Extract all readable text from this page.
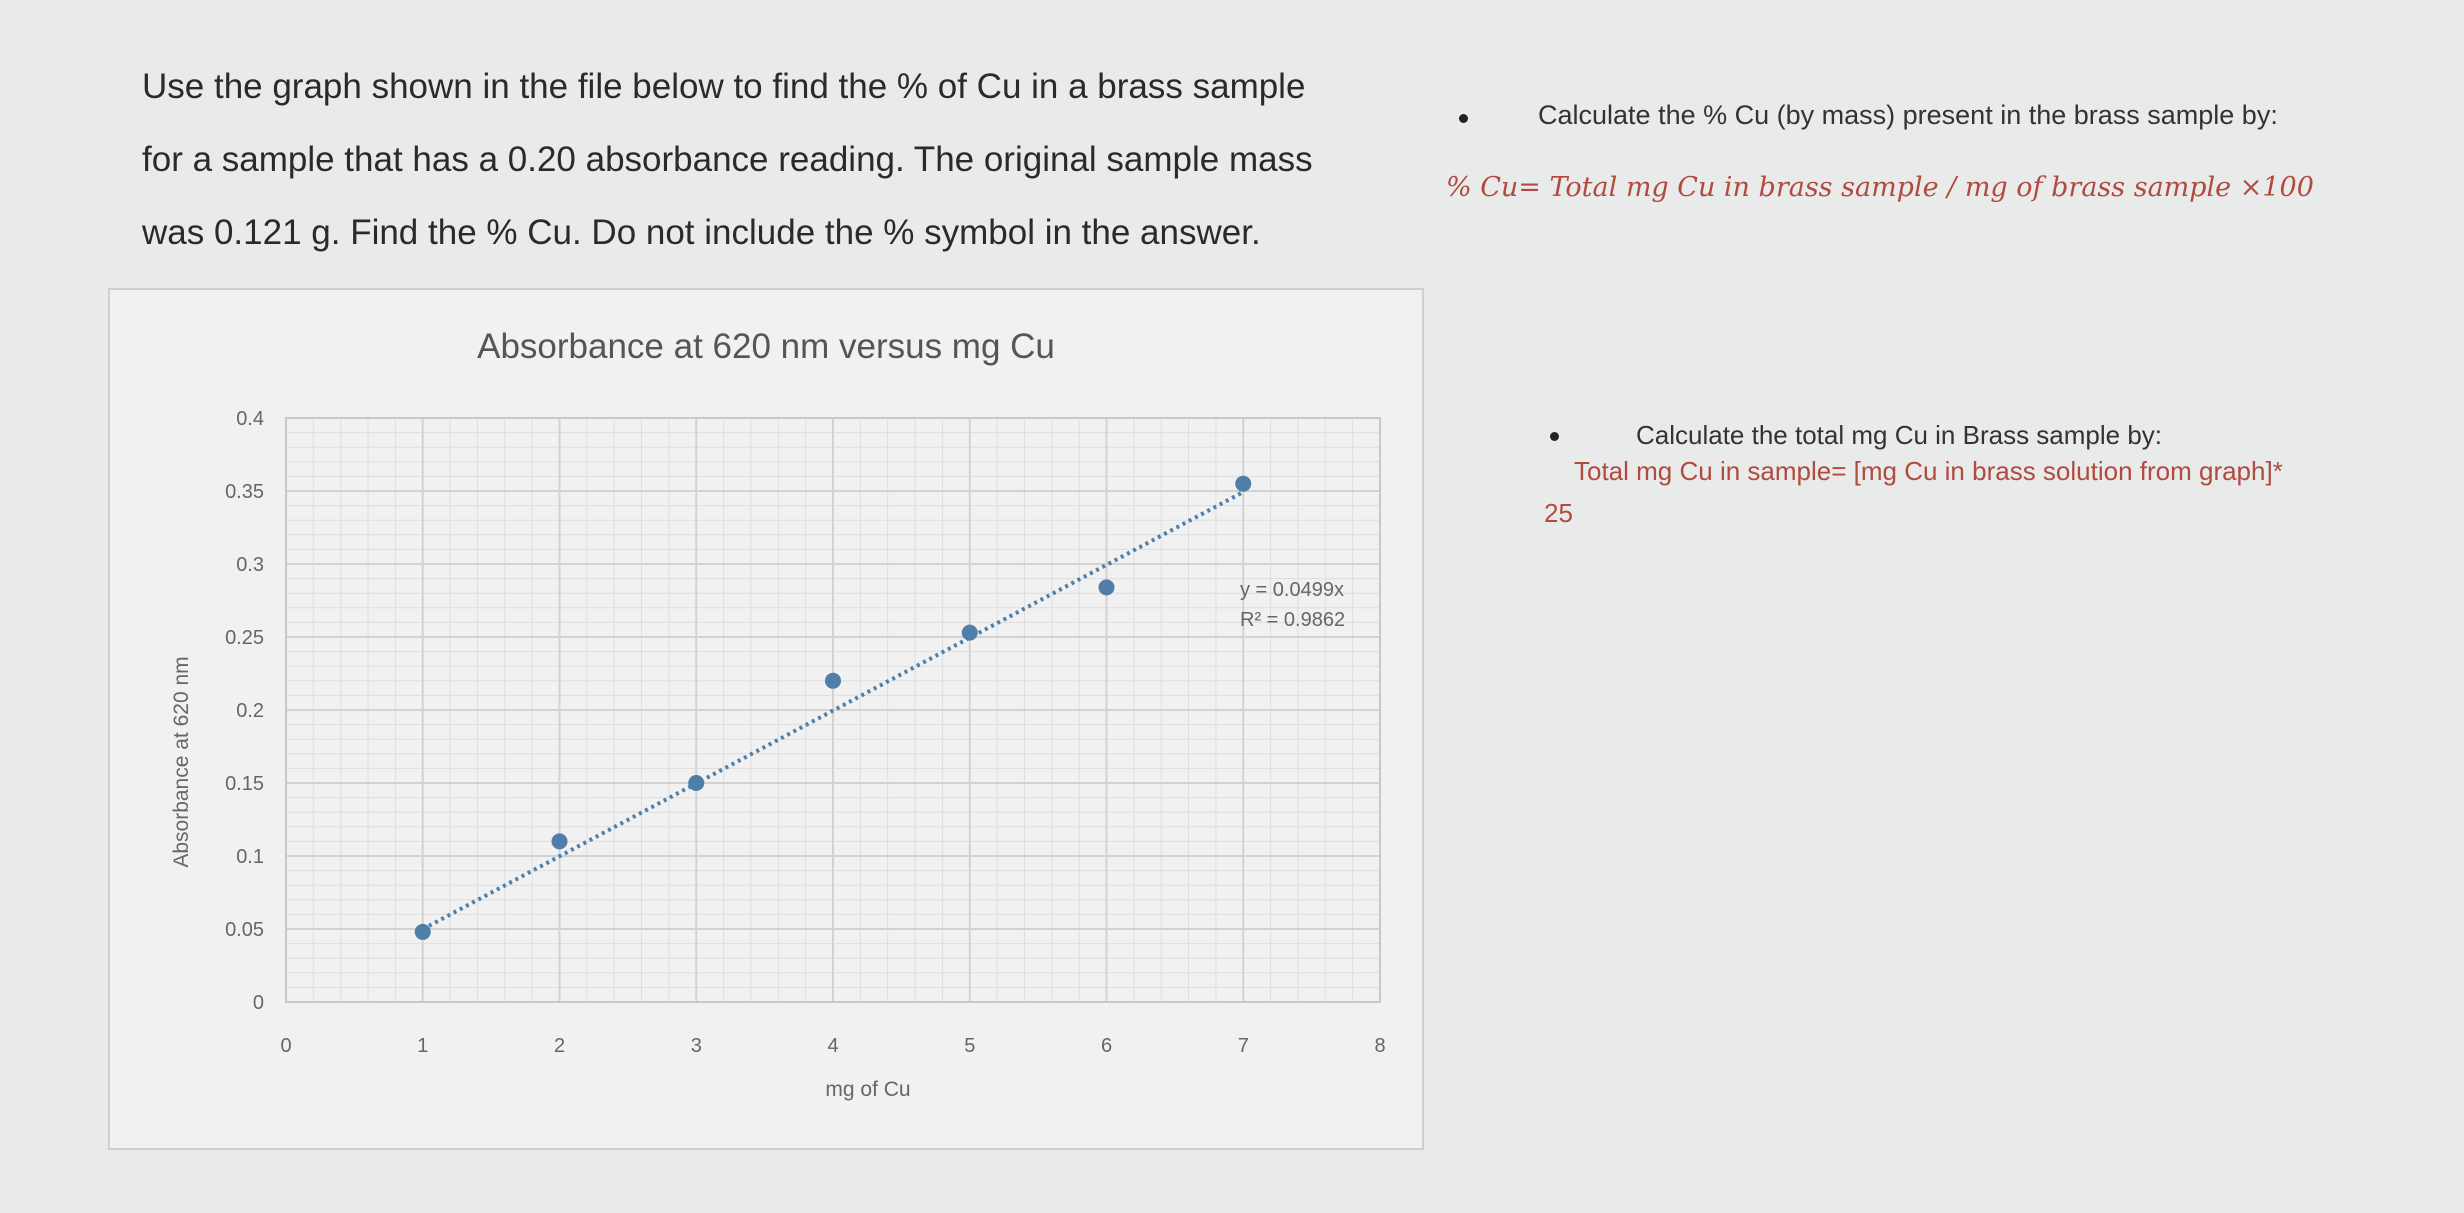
Use the graph shown in the file below to find the % of Cu in a brass sample
for a sample that has a 0.20 absorbance reading. The original sample mass
was 0.121 g. Find the % Cu. Do not include the % symbol in the answer.
Absorbance at 620 nm versus mg Cu
0	1	2	3	4	5	6	7	8
0
0.05
0.1
0.15
0.2
0.25
0.3
0.35
0.4
y = 0.0499x
R² = 0.9862
mg of Cu
Absorbance at 620 nm
Calculate the % Cu (by mass) present in the brass sample by:
% Cu= Total mg Cu in brass sample / mg of brass sample ×100
Calculate the total mg Cu in Brass sample by:
Total mg Cu in sample= [mg Cu in brass solution from graph]*
25
